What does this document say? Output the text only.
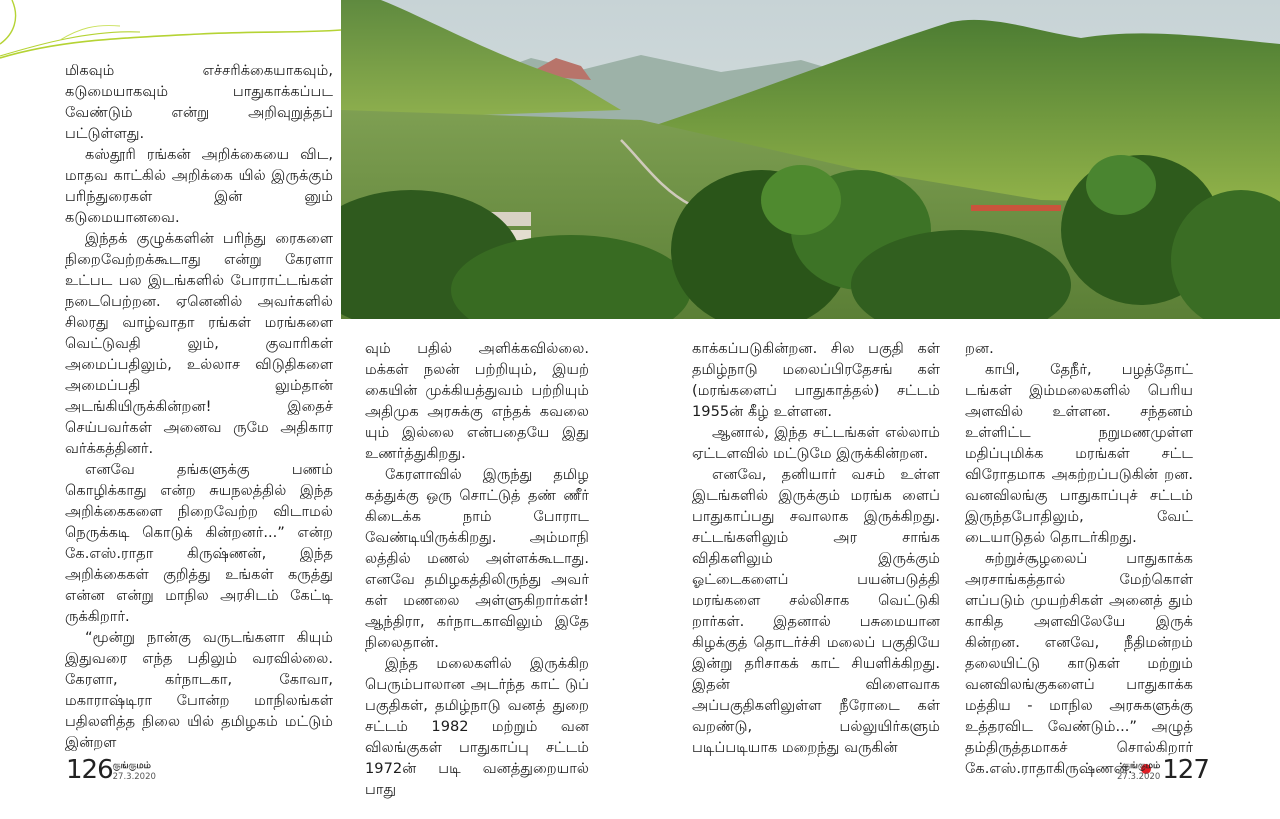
மிகவும் எச்சரிக்கையாகவும், கடுமையாகவும் பாதுகாக்கப்பட வேண்டும் என்று அறிவுறுத்தப் பட்டுள்ளது.

கஸ்தூரி ரங்கன் அறிக்கையை விட, மாதவ காட்கில் அறிக்கை யில் இருக்கும் பரிந்துரைகள் இன் னும் கடுமையானவை.

இந்தக் குழுக்களின் பரிந்து ரைகளை நிறைவேற்றக்கூடாது என்று கேரளா உட்பட பல இடங்களில் போராட்டங்கள் நடைபெற்றன. ஏனெனில் அவர்களில் சிலரது வாழ்வாதா ரங்கள் மரங்களை வெட்டுவதி லும், குவாரிகள் அமைப்பதிலும், உல்லாச விடுதிகளை அமைப்பதி லும்தான் அடங்கியிருக்கின்றன! இதைச் செய்பவர்கள் அனைவ ருமே அதிகார வர்க்கத்தினர்.

எனவே தங்களுக்கு பணம் கொழிக்காது என்ற சுயநலத்தில் இந்த அறிக்கைகளை நிறைவேற்ற விடாமல் நெருக்கடி கொடுக் கின்றனர்...” என்ற கே.எஸ்.ராதா கிருஷ்ணன், இந்த அறிக்கைகள் குறித்து உங்கள் கருத்து என்ன என்று மாநில அரசிடம் கேட்டி ருக்கிறார்.

“மூன்று நான்கு வருடங்களா கியும் இதுவரை எந்த பதிலும் வரவில்லை. கேரளா, கர்நாடகா, கோவா, மகாராஷ்டிரா போன்ற மாநிலங்கள் பதிலளித்த நிலை யில் தமிழகம் மட்டும் இன்றள

வும் பதில் அளிக்கவில்லை. மக்கள் நலன் பற்றியும், இயற் கையின் முக்கியத்துவம் பற்றியும் அதிமுக அரசுக்கு எந்தக் கவலை யும் இல்லை என்பதையே இது உணர்த்துகிறது.

கேரளாவில் இருந்து தமிழ கத்துக்கு ஒரு சொட்டுத் தண் ணீர் கிடைக்க நாம் போராட வேண்டியிருக்கிறது. அம்மாநி லத்தில் மணல் அள்ளக்கூடாது. எனவே தமிழகத்திலிருந்து அவர் கள் மணலை அள்ளுகிறார்கள்! ஆந்திரா, கர்நாடகாவிலும் இதே நிலைதான்.

இந்த மலைகளில் இருக்கிற பெரும்பாலான அடர்ந்த காட் டுப் பகுதிகள், தமிழ்நாடு வனத் துறை சட்டம் 1982 மற்றும் வன விலங்குகள் பாதுகாப்பு சட்டம் 1972ன் படி வனத்துறையால் பாது

காக்கப்படுகின்றன. சில பகுதி கள் தமிழ்நாடு மலைப்பிரதேசங் கள் (மரங்களைப் பாதுகாத்தல்) சட்டம் 1955ன் கீழ் உள்ளன.

ஆனால், இந்த சட்டங்கள் எல்லாம் ஏட்டளவில் மட்டுமே இருக்கின்றன.

எனவே, தனியார் வசம் உள்ள இடங்களில் இருக்கும் மரங்க ளைப் பாதுகாப்பது சவாலாக இருக்கிறது. சட்டங்களிலும் அர சாங்க விதிகளிலும் இருக்கும் ஓட்டைகளைப் பயன்படுத்தி மரங்களை சல்லிசாக வெட்டுகி றார்கள். இதனால் பசுமையான கிழக்குத் தொடர்ச்சி மலைப் பகுதியே இன்று தரிசாகக் காட் சியளிக்கிறது. இதன் விளைவாக அப்பகுதிகளிலுள்ள நீரோடை கள் வறண்டு, பல்லுயிர்களும் படிப்படியாக மறைந்து வருகின்

றன.

காபி, தேநீர், பழத்தோட் டங்கள் இம்மலைகளில் பெரிய அளவில் உள்ளன. சந்தனம் உள்ளிட்ட நறுமணமுள்ள மதிப்புமிக்க மரங்கள் சட்ட விரோதமாக அகற்றப்படுகின் றன. வனவிலங்கு பாதுகாப்புச் சட்டம் இருந்தபோதிலும், வேட் டையாடுதல் தொடர்கிறது.

சுற்றுச்சூழலைப் பாதுகாக்க அரசாங்கத்தால் மேற்கொள் ளப்படும் முயற்சிகள் அனைத் தும் காகித அளவிலேயே இருக் கின்றன. எனவே, நீதிமன்றம் தலையிட்டு காடுகள் மற்றும் வனவிலங்குகளைப் பாதுகாக்க மத்திய - மாநில அரசுகளுக்கு உத்தரவிட வேண்டும்...” அழுத் தம்திருத்தமாகச் சொல்கிறார் கே.எஸ்.ராதாகிருஷ்ணன்.

126 குங்குமம்
27.3.2020
குங்குமம்
27.3.2020 127
